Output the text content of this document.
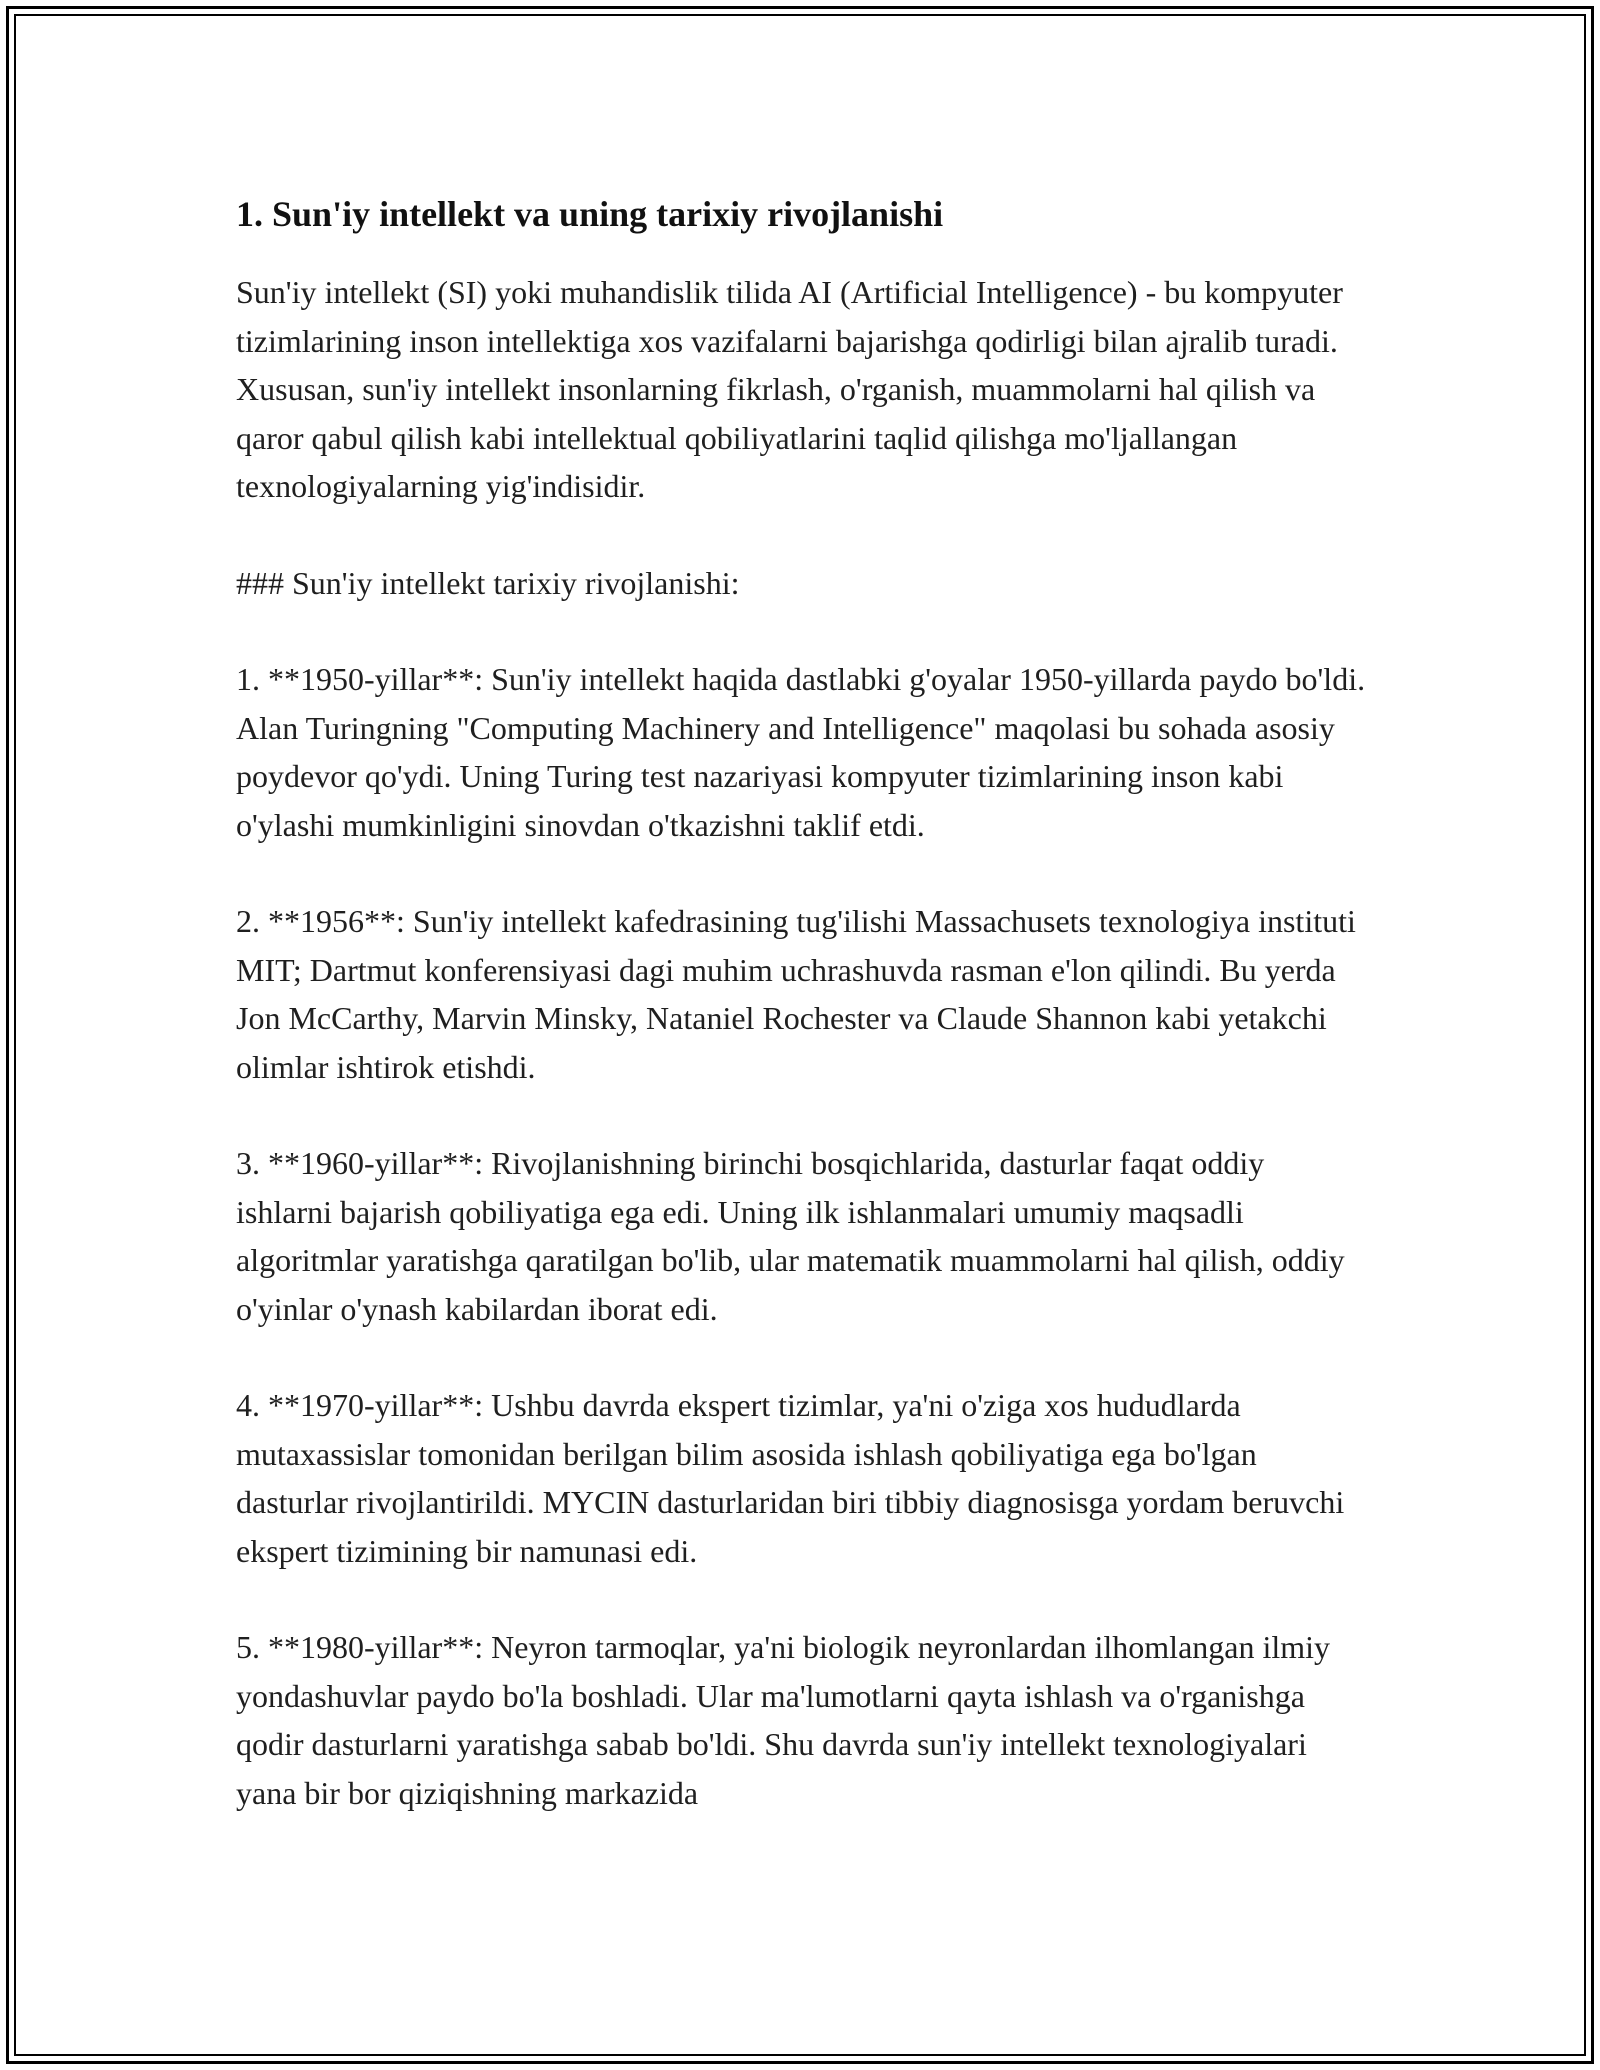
1. Sun'iy intellekt va uning tarixiy rivojlanishi

Sun'iy intellekt (SI) yoki muhandislik tilida AI (Artificial Intelligence) - bu kompyuter tizimlarining inson intellektiga xos vazifalarni bajarishga qodirligi bilan ajralib turadi. Xususan, sun'iy intellekt insonlarning fikrlash, o'rganish, muammolarni hal qilish va qaror qabul qilish kabi intellektual qobiliyatlarini taqlid qilishga mo'ljallangan texnologiyalarning yig'indisidir.

### Sun'iy intellekt tarixiy rivojlanishi:

1. **1950-yillar**: Sun'iy intellekt haqida dastlabki g'oyalar 1950-yillarda paydo bo'ldi. Alan Turingning "Computing Machinery and Intelligence" maqolasi bu sohada asosiy poydevor qo'ydi. Uning Turing test nazariyasi kompyuter tizimlarining inson kabi o'ylashi mumkinligini sinovdan o'tkazishni taklif etdi.

2. **1956**: Sun'iy intellekt kafedrasining tug'ilishi Massachusets texnologiya instituti MIT; Dartmut konferensiyasi dagi muhim uchrashuvda rasman e'lon qilindi. Bu yerda Jon McCarthy, Marvin Minsky, Nataniel Rochester va Claude Shannon kabi yetakchi olimlar ishtirok etishdi.

3. **1960-yillar**: Rivojlanishning birinchi bosqichlarida, dasturlar faqat oddiy ishlarni bajarish qobiliyatiga ega edi. Uning ilk ishlanmalari umumiy maqsadli algoritmlar yaratishga qaratilgan bo'lib, ular matematik muammolarni hal qilish, oddiy o'yinlar o'ynash kabilardan iborat edi.

4. **1970-yillar**: Ushbu davrda ekspert tizimlar, ya'ni o'ziga xos hududlarda mutaxassislar tomonidan berilgan bilim asosida ishlash qobiliyatiga ega bo'lgan dasturlar rivojlantirildi. MYCIN dasturlaridan biri tibbiy diagnosisga yordam beruvchi ekspert tizimining bir namunasi edi.

5. **1980-yillar**: Neyron tarmoqlar, ya'ni biologik neyronlardan ilhomlangan ilmiy yondashuvlar paydo bo'la boshladi. Ular ma'lumotlarni qayta ishlash va o'rganishga qodir dasturlarni yaratishga sabab bo'ldi. Shu davrda sun'iy intellekt texnologiyalari yana bir bor qiziqishning markazida
